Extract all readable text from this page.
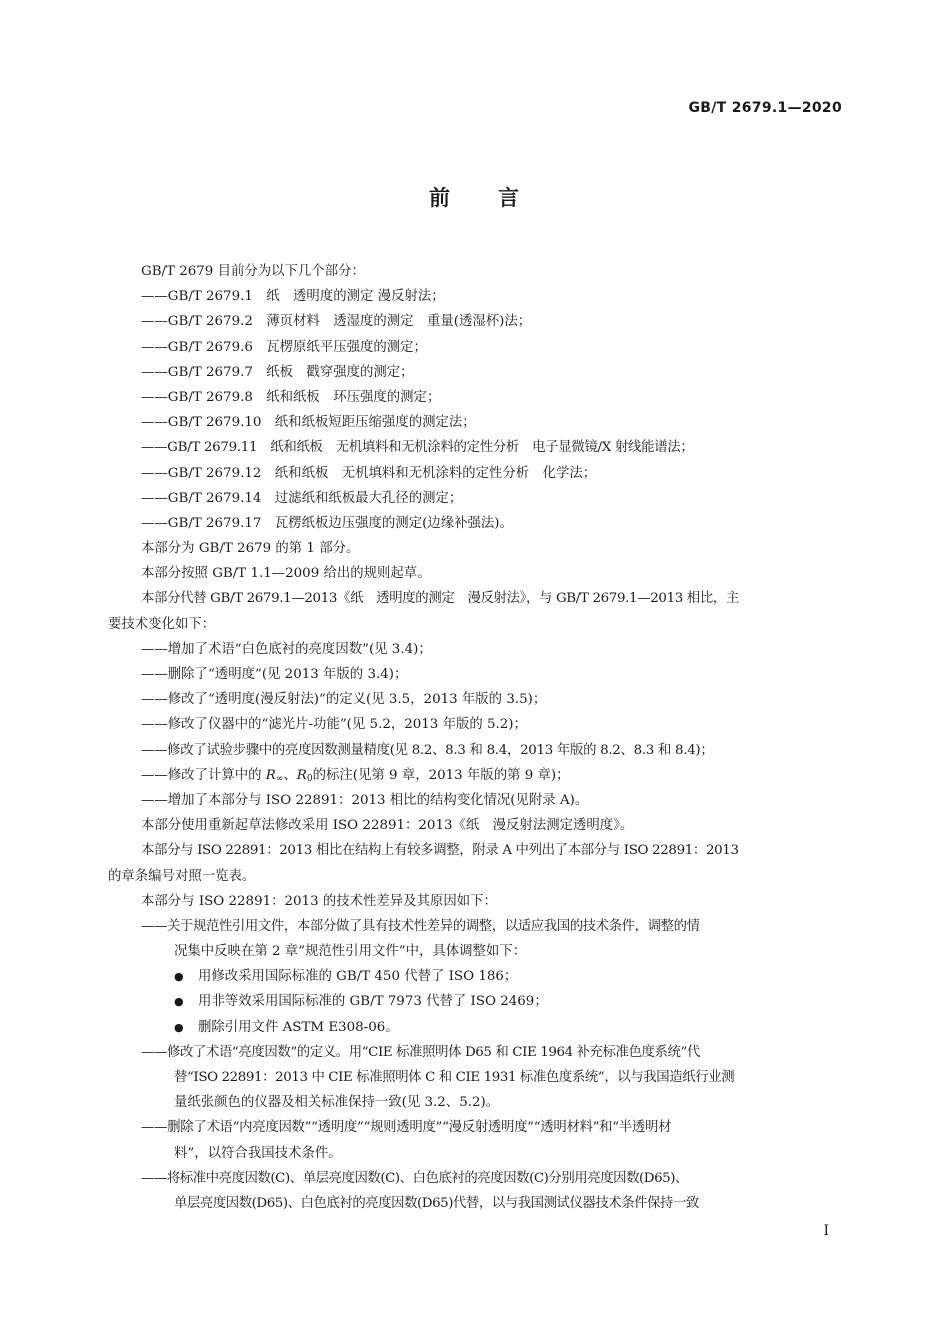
GB/T 2679.1—2020
前 言
GB/T 2679 目前分为以下几个部分：
——GB/T 2679.1　纸　透明度的测定 漫反射法；
——GB/T 2679.2　薄页材料　透湿度的测定　重量(透湿杯)法；
——GB/T 2679.6　瓦楞原纸平压强度的测定；
——GB/T 2679.7　纸板　戳穿强度的测定；
——GB/T 2679.8　纸和纸板　环压强度的测定；
——GB/T 2679.10　纸和纸板短距压缩强度的测定法；
——GB/T 2679.11　纸和纸板　无机填料和无机涂料的定性分析　电子显微镜/X 射线能谱法；
——GB/T 2679.12　纸和纸板　无机填料和无机涂料的定性分析　化学法；
——GB/T 2679.14　过滤纸和纸板最大孔径的测定；
——GB/T 2679.17　瓦楞纸板边压强度的测定(边缘补强法)。
本部分为 GB/T 2679 的第 1 部分。
本部分按照 GB/T 1.1—2009 给出的规则起草。
本部分代替 GB/T 2679.1—2013《纸　透明度的测定　漫反射法》，与 GB/T 2679.1—2013 相比，主
要技术变化如下：
——增加了术语“白色底衬的亮度因数”(见 3.4)；
——删除了“透明度”(见 2013 年版的 3.4)；
——修改了“透明度(漫反射法)”的定义(见 3.5，2013 年版的 3.5)；
——修改了仪器中的“滤光片-功能”(见 5.2，2013 年版的 5.2)；
——修改了试验步骤中的亮度因数测量精度(见 8.2、8.3 和 8.4，2013 年版的 8.2、8.3 和 8.4)；
——修改了计算中的 $R_\infty$、$R_0$的标注(见第 9 章，2013 年版的第 9 章)；
——增加了本部分与 ISO 22891：2013 相比的结构变化情况(见附录 A)。
本部分使用重新起草法修改采用 ISO 22891：2013《纸　漫反射法测定透明度》。
本部分与 ISO 22891：2013 相比在结构上有较多调整，附录 A 中列出了本部分与 ISO 22891：2013
的章条编号对照一览表。
本部分与 ISO 22891：2013 的技术性差异及其原因如下：
——关于规范性引用文件，本部分做了具有技术性差异的调整，以适应我国的技术条件，调整的情
况集中反映在第 2 章“规范性引用文件”中，具体调整如下：
● 用修改采用国际标准的 GB/T 450 代替了 ISO 186；
● 用非等效采用国际标准的 GB/T 7973 代替了 ISO 2469；
● 删除引用文件 ASTM E308-06。
——修改了术语“亮度因数”的定义。用“CIE 标准照明体 D65 和 CIE 1964 补充标准色度系统”代
替“ISO 22891：2013 中 CIE 标准照明体 C 和 CIE 1931 标准色度系统”，以与我国造纸行业测
量纸张颜色的仪器及相关标准保持一致(见 3.2、5.2)。
——删除了术语“内亮度因数”“透明度”“规则透明度”“漫反射透明度”“透明材料”和“半透明材
料”，以符合我国技术条件。
——将标准中亮度因数(C)、单层亮度因数(C)、白色底衬的亮度因数(C)分别用亮度因数(D65)、
单层亮度因数(D65)、白色底衬的亮度因数(D65)代替，以与我国测试仪器技术条件保持一致
I
